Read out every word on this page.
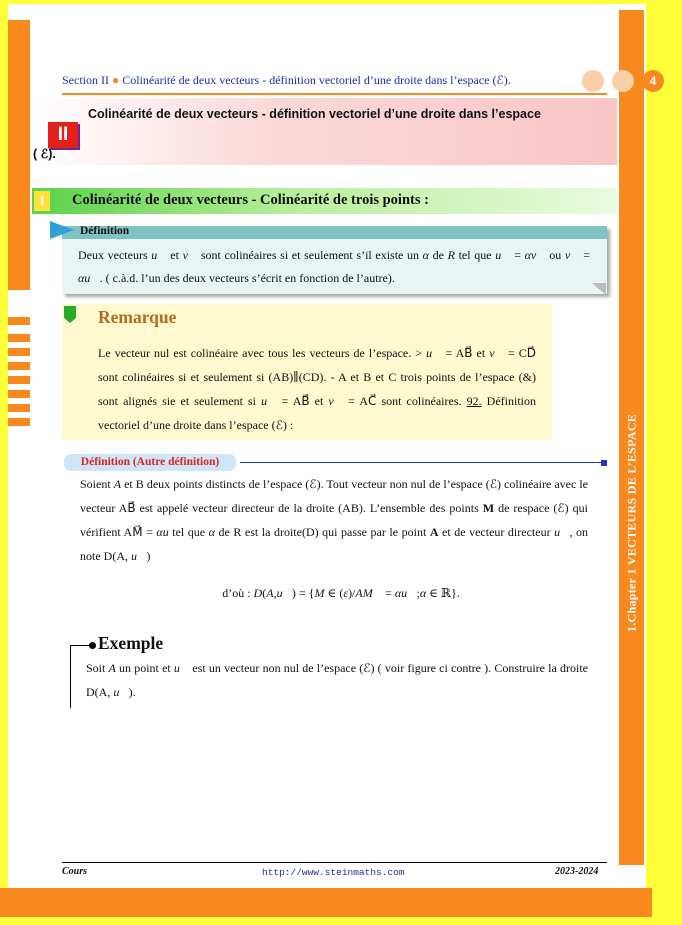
1.Chapter 1 VECTEURS DE L’ESPACE
Section II ● Colinéarité de deux vecteurs - définition vectoriel d’une droite dans l’espace (ℰ).	4
II
Colinéarité de deux vecteurs - définition vectoriel d’une droite dans l’espace
( ℰ).
I	Colinéarité de deux vecteurs - Colinéarité de trois points :
Définition
Deux vecteurs u⃗ et v⃗ sont colinéaires si et seulement s’il existe un α de R tel que u⃗ = αv⃗ ou v⃗ = αu⃗. ( c.à.d. l’un des deux vecteurs s’écrit en fonction de l’autre).
Remarque
Le vecteur nul est colinéaire avec tous les vecteurs de l’espace. > u⃗ = AB⃗ et v⃗ = CD⃗ sont colinéaires si et seulement si (AB)∥(CD). - A et B et C trois points de l’espace (&) sont alignés sie et seulement si u⃗ = AB⃗ et v⃗ = AC⃗ sont colinéaires. 92. Définition vectoriel d’une droite dans l’espace (ℰ) :
Définition (Autre définition)
Soient A et B deux points distincts de l’espace (ℰ). Tout vecteur non nul de l’espace (ℰ) colinéaire avec le vecteur AB⃗ est appelé vecteur directeur de la droite (AB). L’ensemble des points M de respace (ℰ) qui vérifient AM⃗ = αu tel que α de R est la droite(D) qui passe par le point A et de vecteur directeur u⃗, on note D(A, u⃗)
d’où : D(A,u⃗) = {M ∈ (ε)/AM⃗ = αu⃗;α ∈ ℝ}.
Exemple
Soit A un point et u⃗ est un vecteur non nul de l’espace (ℰ) ( voir figure ci contre ). Construire la droite D(A, u⃗).
Cours	http://www.steinmaths.com	2023-2024
